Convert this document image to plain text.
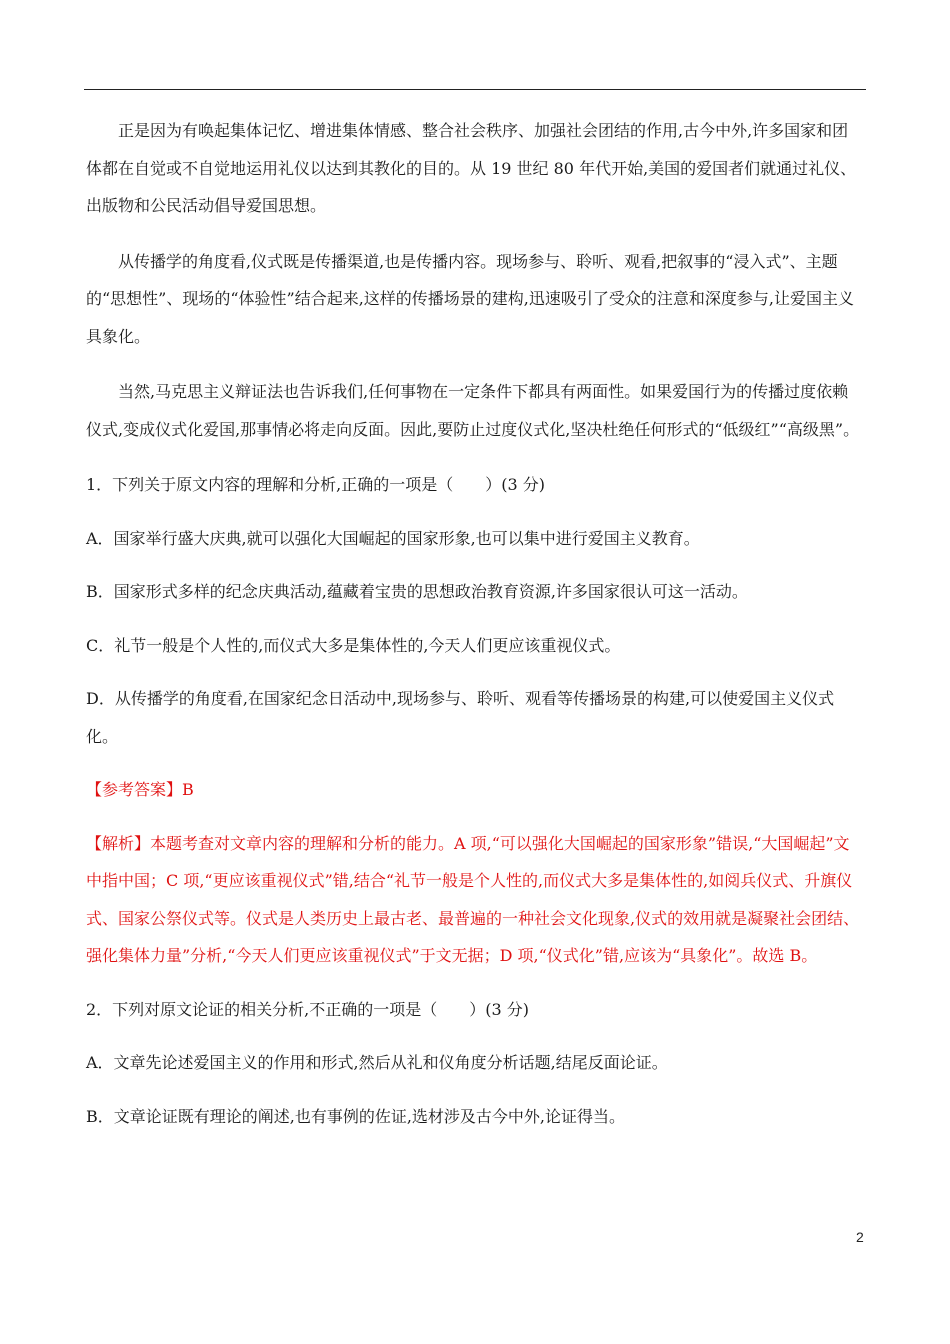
正是因为有唤起集体记忆、增进集体情感、整合社会秩序、加强社会团结的作用,古今中外,许多国家和团体都在自觉或不自觉地运用礼仪以达到其教化的目的。从 19 世纪 80 年代开始,美国的爱国者们就通过礼仪、出版物和公民活动倡导爱国思想。

从传播学的角度看,仪式既是传播渠道,也是传播内容。现场参与、聆听、观看,把叙事的“浸入式”、主题的“思想性”、现场的“体验性”结合起来,这样的传播场景的建构,迅速吸引了受众的注意和深度参与,让爱国主义具象化。

当然,马克思主义辩证法也告诉我们,任何事物在一定条件下都具有两面性。如果爱国行为的传播过度依赖仪式,变成仪式化爱国,那事情必将走向反面。因此,要防止过度仪式化,坚决杜绝任何形式的“低级红”“高级黑”。

1．下列关于原文内容的理解和分析,正确的一项是（　　）(3 分)

A．国家举行盛大庆典,就可以强化大国崛起的国家形象,也可以集中进行爱国主义教育。

B．国家形式多样的纪念庆典活动,蕴藏着宝贵的思想政治教育资源,许多国家很认可这一活动。

C．礼节一般是个人性的,而仪式大多是集体性的,今天人们更应该重视仪式。

D．从传播学的角度看,在国家纪念日活动中,现场参与、聆听、观看等传播场景的构建,可以使爱国主义仪式化。

【参考答案】B

【解析】本题考查对文章内容的理解和分析的能力。A 项,“可以强化大国崛起的国家形象”错误,“大国崛起”文中指中国；C 项,“更应该重视仪式”错,结合“礼节一般是个人性的,而仪式大多是集体性的,如阅兵仪式、升旗仪式、国家公祭仪式等。仪式是人类历史上最古老、最普遍的一种社会文化现象,仪式的效用就是凝聚社会团结、强化集体力量”分析,“今天人们更应该重视仪式”于文无据；D 项,“仪式化”错,应该为“具象化”。故选 B。

2．下列对原文论证的相关分析,不正确的一项是（　　）(3 分)

A．文章先论述爱国主义的作用和形式,然后从礼和仪角度分析话题,结尾反面论证。

B．文章论证既有理论的阐述,也有事例的佐证,选材涉及古今中外,论证得当。

2
